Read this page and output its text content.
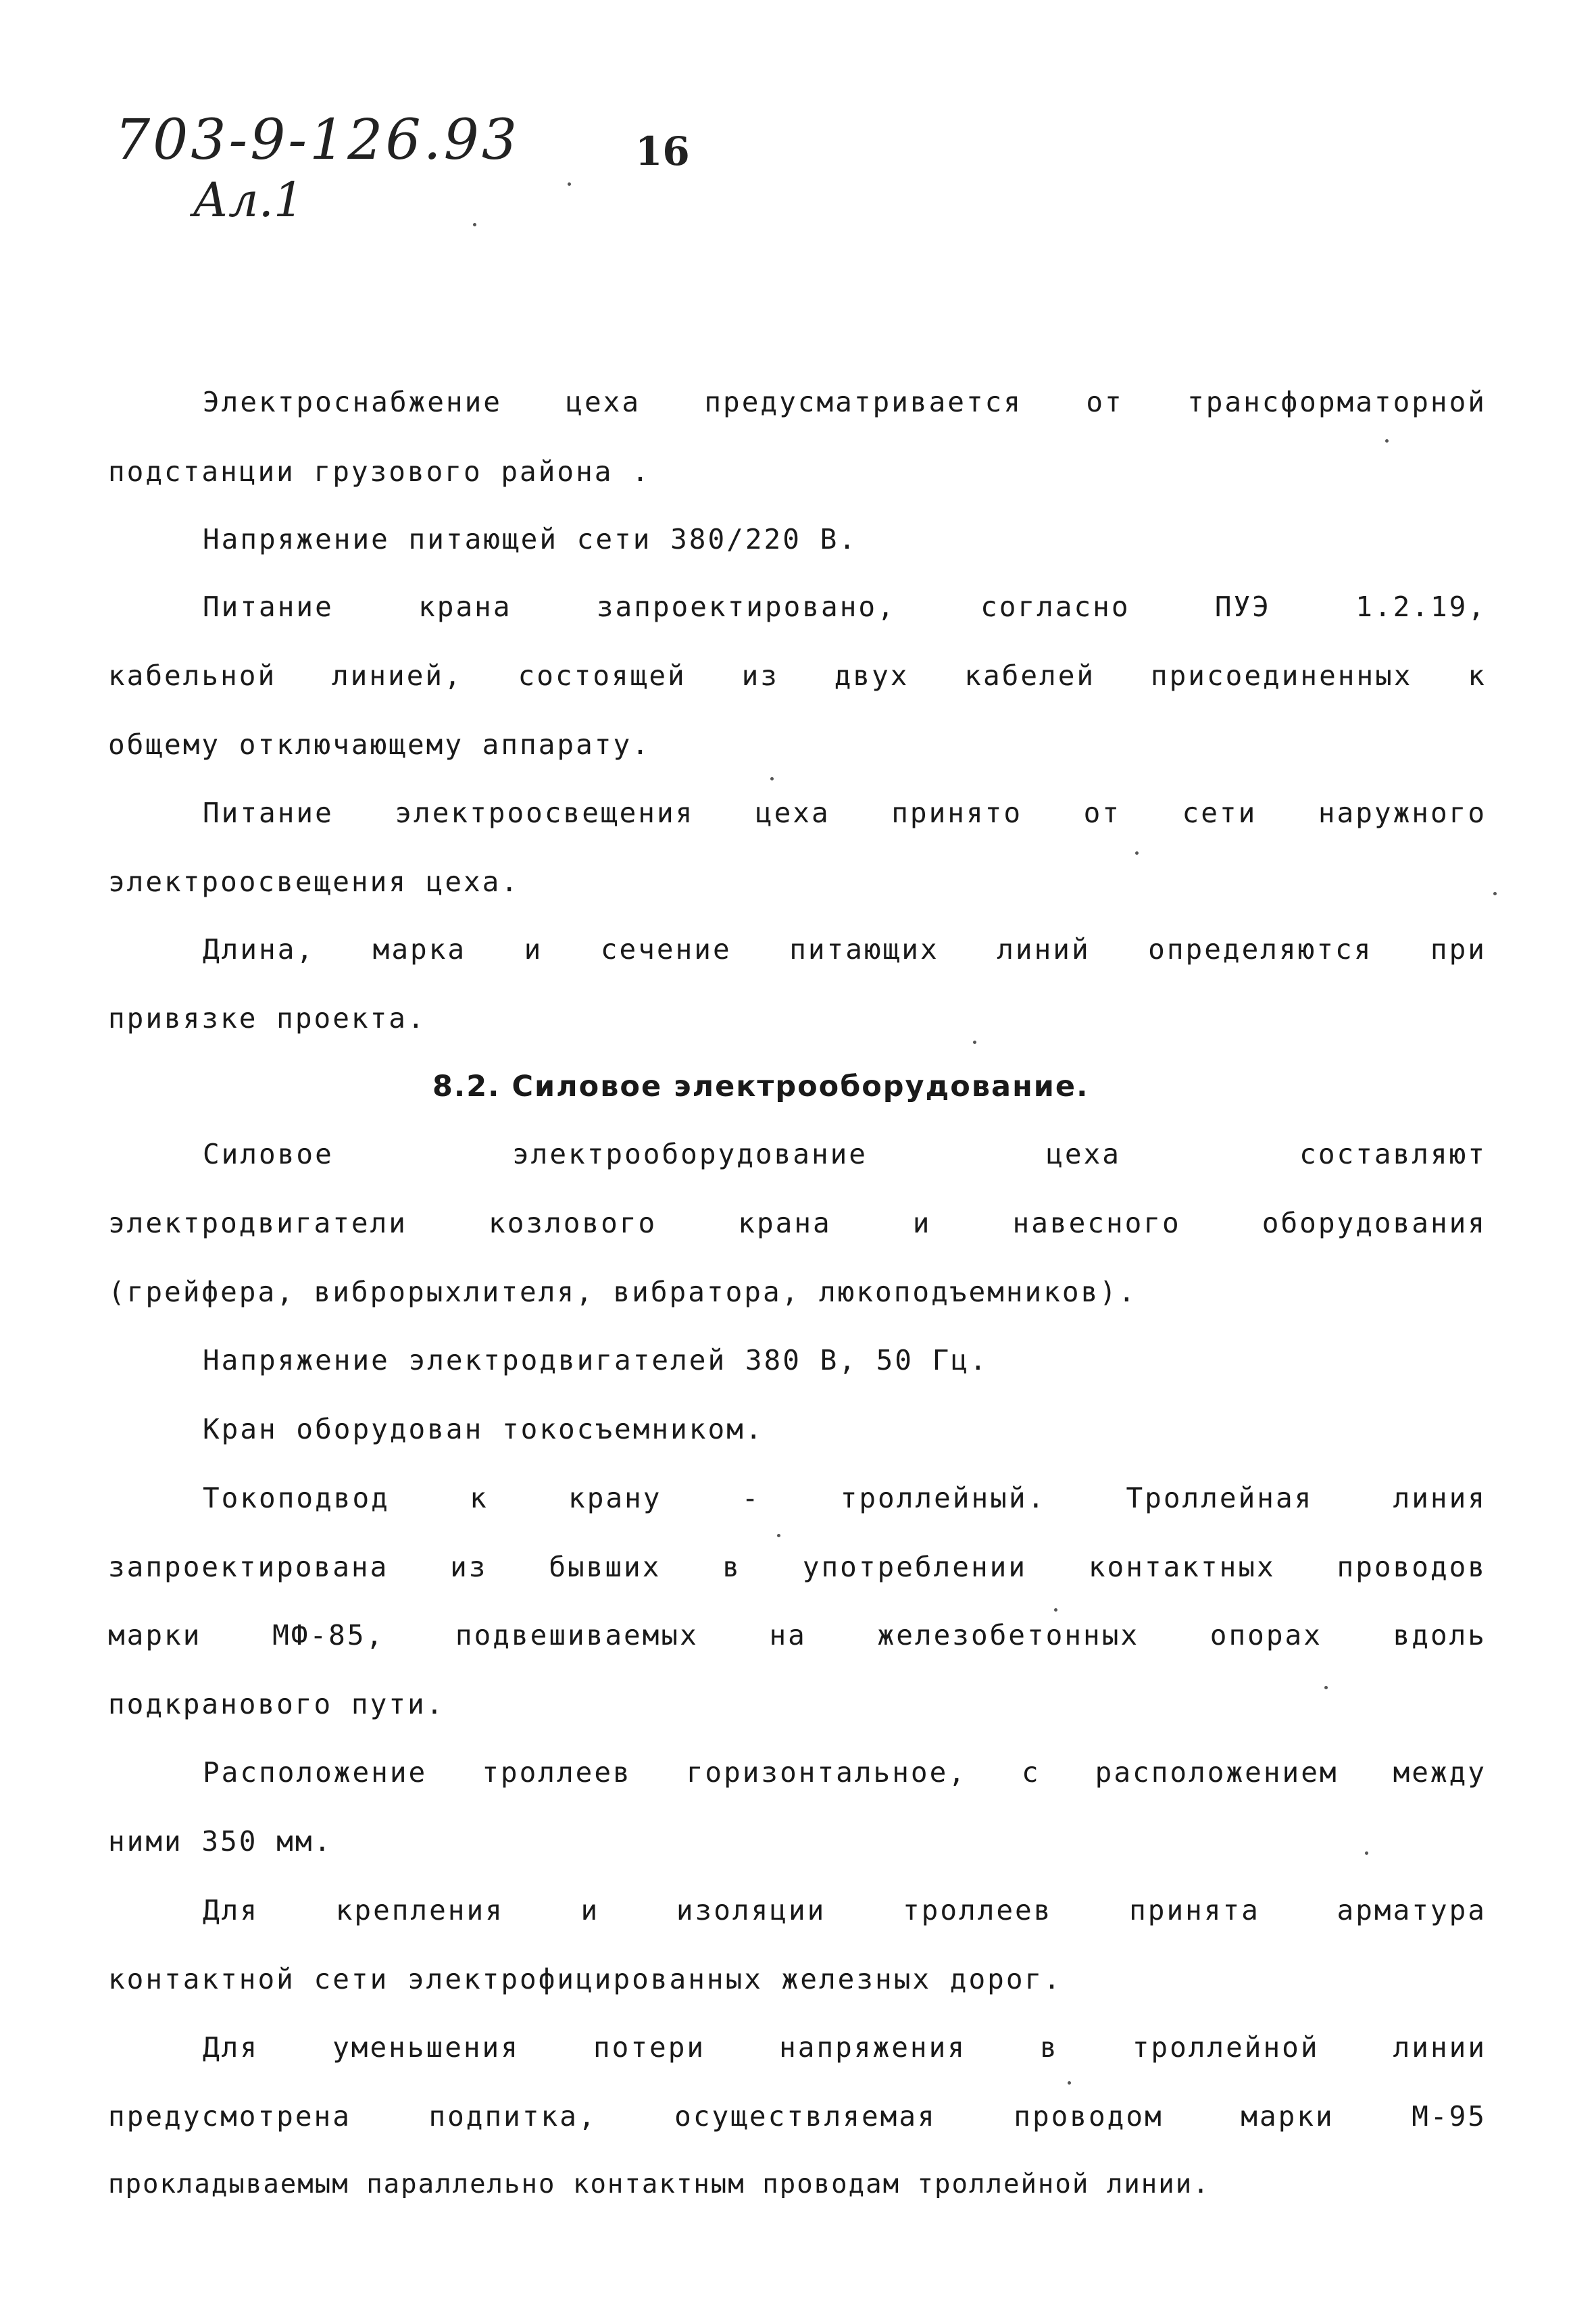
703-9-126.93
Ал.1
16
Электроснабжение цеха предусматривается от трансформаторной
подстанции грузового района .
Напряжение питающей сети 380/220 В.
Питание крана запроектировано, согласно ПУЭ 1.2.19,
кабельной линией, состоящей из двух кабелей присоединенных к
общему отключающему аппарату.
Питание электроосвещения цеха принято от сети наружного
электроосвещения цеха.
Длина, марка и сечение питающих линий определяются при
привязке проекта.
8.2. Силовое электрооборудование.
Силовое электрооборудование цеха составляют
электродвигатели козлового крана и навесного оборудования
(грейфера, виброрыхлителя, вибратора, люкоподъемников).
Напряжение электродвигателей 380 В, 50 Гц.
Кран оборудован токосъемником.
Токоподвод к крану - троллейный. Троллейная линия
запроектирована из бывших в употреблении контактных проводов
марки МФ-85, подвешиваемых на железобетонных опорах вдоль
подкранового пути.
Расположение троллеев горизонтальное, с расположением между
ними 350 мм.
Для крепления и изоляции троллеев принята арматура
контактной сети электрофицированных железных дорог.
Для уменьшения потери напряжения в троллейной линии
предусмотрена подпитка, осуществляемая проводом марки М-95
прокладываемым параллельно контактным проводам троллейной линии.
